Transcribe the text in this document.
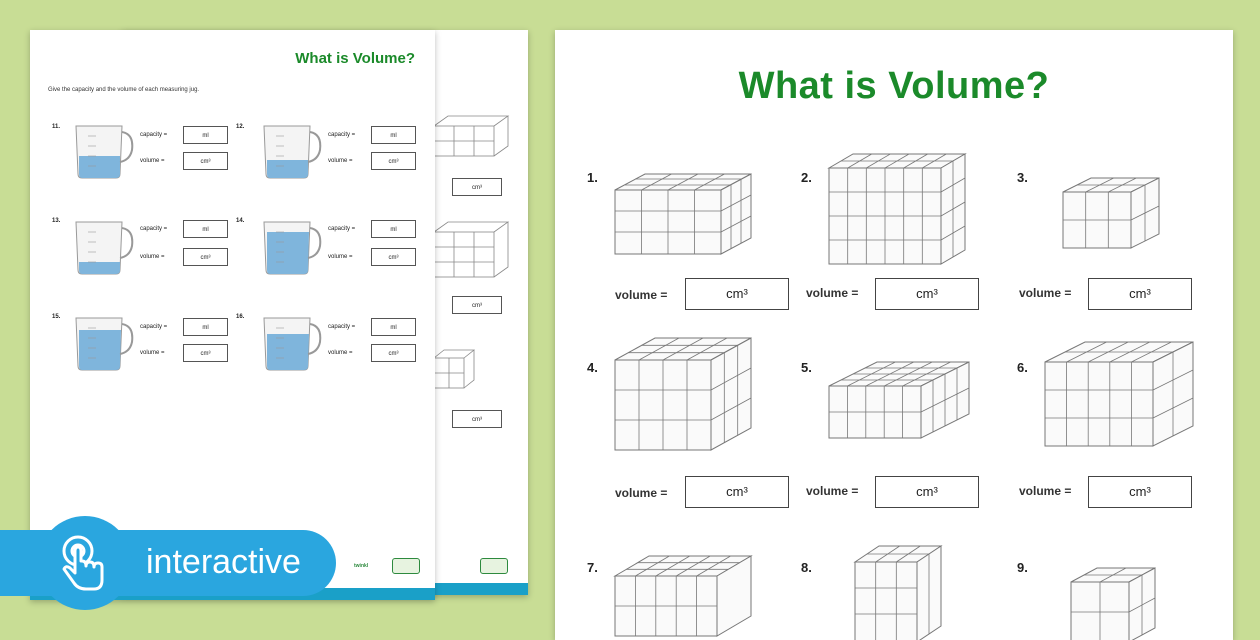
cm³
cm³
cm³
What is Volume?
Give the capacity and the volume of each measuring jug.
11.
capacity =	ml
volume =	cm³
12.
capacity =	ml
volume =	cm³
13.
capacity =	ml
volume =	cm³
14.
capacity =	ml
volume =	cm³
15.
capacity =	ml
volume =	cm³
16.
capacity =	ml
volume =	cm³
twinkl
What is Volume?
1.
volume =	cm³
2.
volume =	cm³
3.
volume =	cm³
4.
volume =	cm³
5.
volume =	cm³
6.
volume =	cm³
7.	8.	9.
interactive
